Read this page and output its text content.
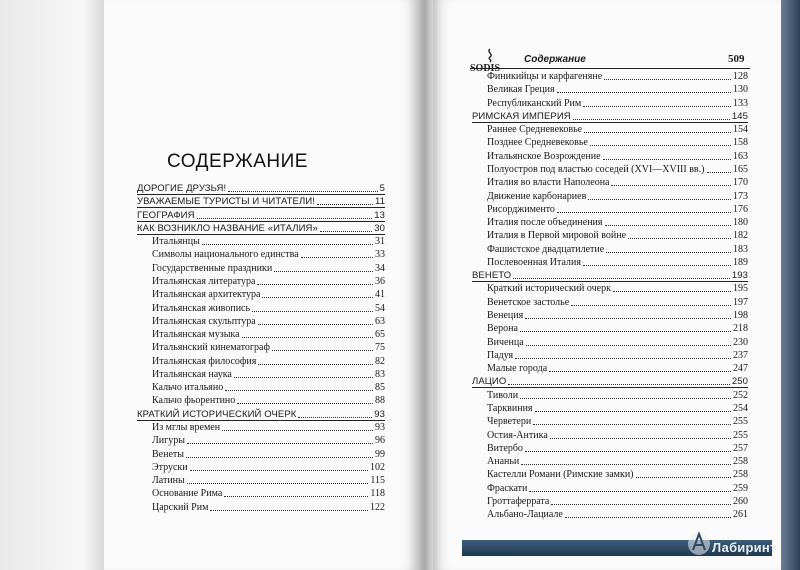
СОДЕРЖАНИЕ
ДОРОГИЕ ДРУЗЬЯ!	5
УВАЖАЕМЫЕ ТУРИСТЫ И ЧИТАТЕЛИ!	11
ГЕОГРАФИЯ	13
КАК ВОЗНИКЛО НАЗВАНИЕ «ИТАЛИЯ»	30
Итальянцы	31
Символы национального единства	33
Государственные праздники	34
Итальянская литература	36
Итальянская архитектура	41
Итальянская живопись	54
Итальянская скульптура	63
Итальянская музыка	65
Итальянский кинематограф	75
Итальянская философия	82
Итальянская наука	83
Кальчо итальяно	85
Кальчо фьорентино	88
КРАТКИЙ ИСТОРИЧЕСКИЙ ОЧЕРК	93
Из мглы времен	93
Лигуры	96
Венеты	99
Этруски	102
Латины	115
Основание Рима	118
Царский Рим	122
SODIS
Содержание	509
Финикийцы и карфагеняне	128
Великая Греция	130
Республиканский Рим	133
РИМСКАЯ ИМПЕРИЯ	145
Раннее Средневековье	154
Позднее Средневековье	158
Итальянское Возрождение	163
Полуостров под властью соседей (XVI—XVIII вв.)	165
Италия во власти Наполеона	170
Движение карбонариев	173
Рисорджименто	176
Италия после объединения	180
Италия в Первой мировой войне	182
Фашистское двадцатилетие	183
Послевоенная Италия	189
ВЕНЕТО	193
Краткий исторический очерк	195
Венетское застолье	197
Венеция	198
Верона	218
Виченца	230
Падуя	237
Малые города	247
ЛАЦИО	250
Тиволи	252
Тарквиния	254
Черветери	255
Остия-Антика	255
Витербо	257
Ананьи	258
Кастелли Романи (Римские замки)	258
Фраскати	259
Гроттаферрата	260
Альбано-Лациале	261
Лабиринт
